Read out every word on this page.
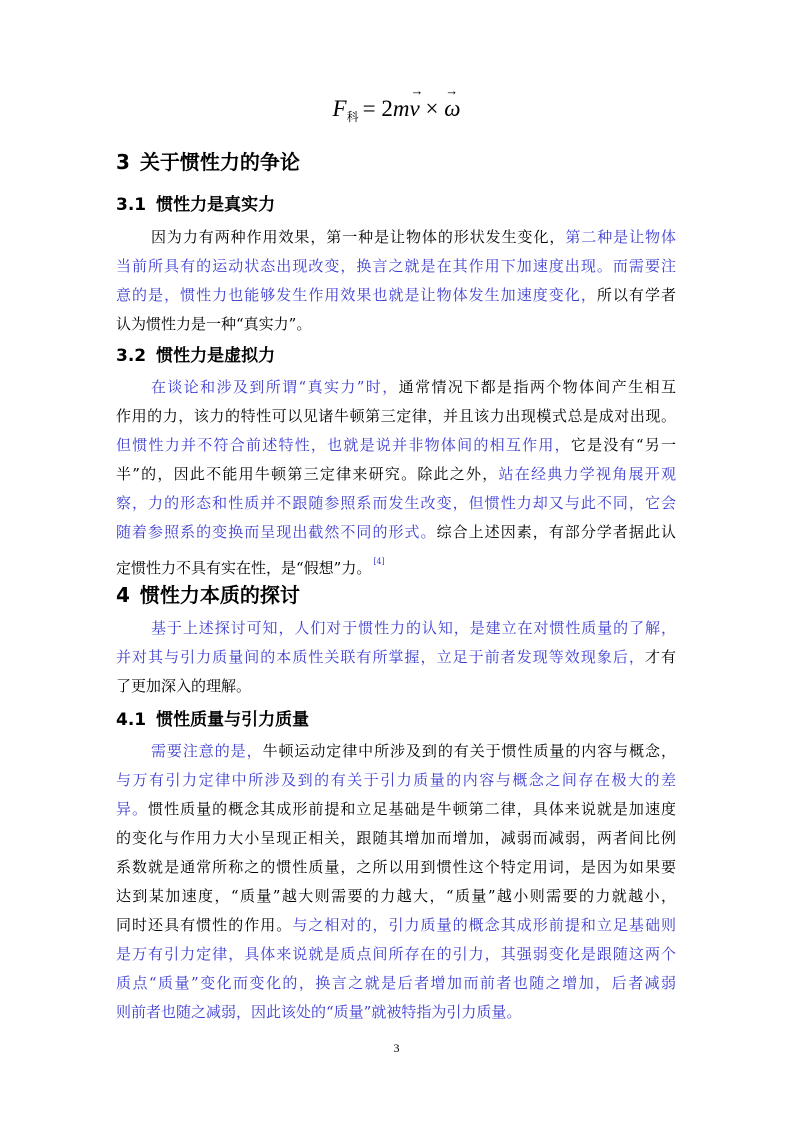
$F_科 = 2mv$ → × ω →
3 关于惯性力的争论
3.1 惯性力是真实力
因为力有两种作用效果，第一种是让物体的形状发生变化，第二种是让物体
当前所具有的运动状态出现改变，换言之就是在其作用下加速度出现。而需要注
意的是，惯性力也能够发生作用效果也就是让物体发生加速度变化，所以有学者
认为惯性力是一种“真实力”。
3.2 惯性力是虚拟力
在谈论和涉及到所谓“真实力”时，通常情况下都是指两个物体间产生相互
作用的力，该力的特性可以见诸牛顿第三定律，并且该力出现模式总是成对出现。
但惯性力并不符合前述特性，也就是说并非物体间的相互作用，它是没有“另一
半”的，因此不能用牛顿第三定律来研究。除此之外，站在经典力学视角展开观
察，力的形态和性质并不跟随参照系而发生改变，但惯性力却又与此不同，它会
随着参照系的变换而呈现出截然不同的形式。综合上述因素，有部分学者据此认
定惯性力不具有实在性，是“假想”力。 [4]
4 惯性力本质的探讨
基于上述探讨可知，人们对于惯性力的认知，是建立在对惯性质量的了解，
并对其与引力质量间的本质性关联有所掌握，立足于前者发现等效现象后，才有
了更加深入的理解。
4.1 惯性质量与引力质量
需要注意的是，牛顿运动定律中所涉及到的有关于惯性质量的内容与概念，
与万有引力定律中所涉及到的有关于引力质量的内容与概念之间存在极大的差
异。惯性质量的概念其成形前提和立足基础是牛顿第二律，具体来说就是加速度
的变化与作用力大小呈现正相关，跟随其增加而增加，减弱而减弱，两者间比例
系数就是通常所称之的惯性质量，之所以用到惯性这个特定用词，是因为如果要
达到某加速度，“质量”越大则需要的力越大，“质量”越小则需要的力就越小，
同时还具有惯性的作用。与之相对的，引力质量的概念其成形前提和立足基础则
是万有引力定律，具体来说就是质点间所存在的引力，其强弱变化是跟随这两个
质点“质量”变化而变化的，换言之就是后者增加而前者也随之增加，后者减弱
则前者也随之减弱，因此该处的“质量”就被特指为引力质量。
3
